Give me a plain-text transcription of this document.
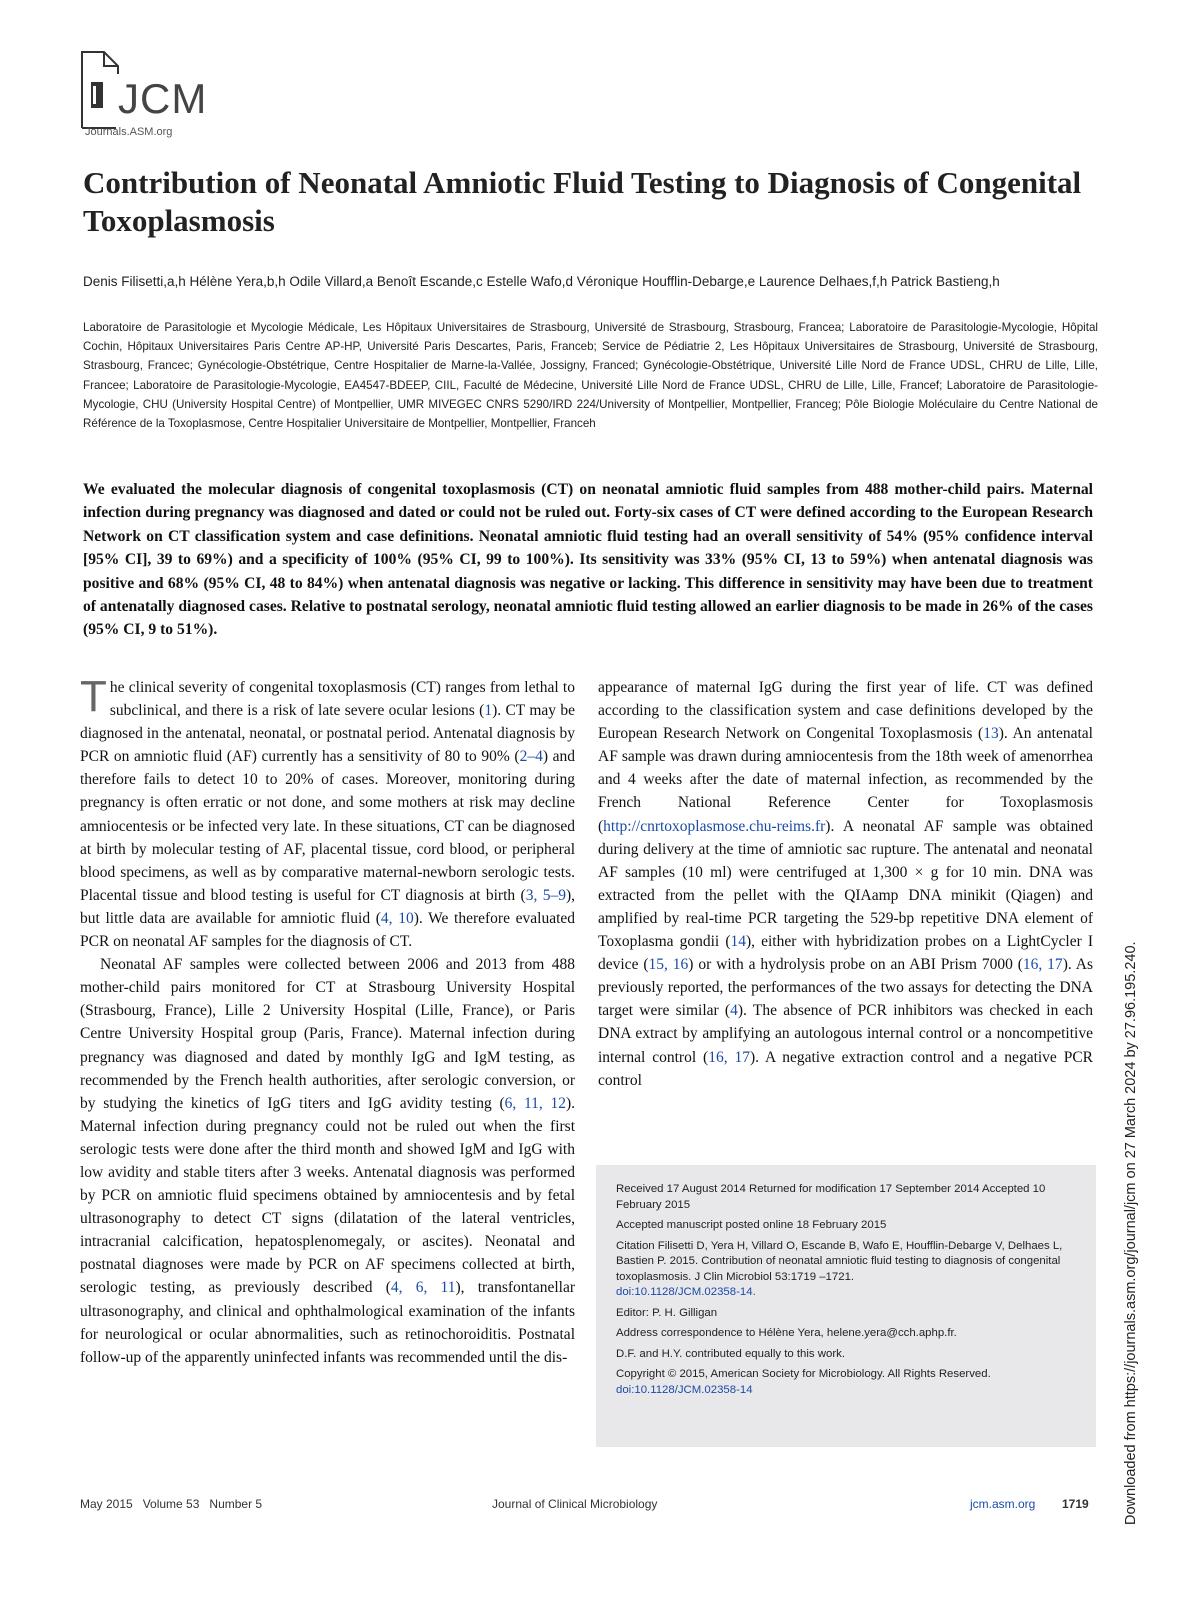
JCM
Journals.ASM.org
Contribution of Neonatal Amniotic Fluid Testing to Diagnosis of Congenital Toxoplasmosis
Denis Filisetti,a,h Hélène Yera,b,h Odile Villard,a Benoît Escande,c Estelle Wafo,d Véronique Houfflin-Debarge,e Laurence Delhaes,f,h Patrick Bastieng,h
Laboratoire de Parasitologie et Mycologie Médicale, Les Hôpitaux Universitaires de Strasbourg, Université de Strasbourg, Strasbourg, Francea; Laboratoire de Parasitologie-Mycologie, Hôpital Cochin, Hôpitaux Universitaires Paris Centre AP-HP, Université Paris Descartes, Paris, Franceb; Service de Pédiatrie 2, Les Hôpitaux Universitaires de Strasbourg, Université de Strasbourg, Strasbourg, Francec; Gynécologie-Obstétrique, Centre Hospitalier de Marne-la-Vallée, Jossigny, Franced; Gynécologie-Obstétrique, Université Lille Nord de France UDSL, CHRU de Lille, Lille, Francee; Laboratoire de Parasitologie-Mycologie, EA4547-BDEEP, CIIL, Faculté de Médecine, Université Lille Nord de France UDSL, CHRU de Lille, Lille, Francef; Laboratoire de Parasitologie-Mycologie, CHU (University Hospital Centre) of Montpellier, UMR MIVEGEC CNRS 5290/IRD 224/University of Montpellier, Montpellier, Franceg; Pôle Biologie Moléculaire du Centre National de Référence de la Toxoplasmose, Centre Hospitalier Universitaire de Montpellier, Montpellier, Franceh
We evaluated the molecular diagnosis of congenital toxoplasmosis (CT) on neonatal amniotic fluid samples from 488 mother-child pairs. Maternal infection during pregnancy was diagnosed and dated or could not be ruled out. Forty-six cases of CT were defined according to the European Research Network on CT classification system and case definitions. Neonatal amniotic fluid testing had an overall sensitivity of 54% (95% confidence interval [95% CI], 39 to 69%) and a specificity of 100% (95% CI, 99 to 100%). Its sensitivity was 33% (95% CI, 13 to 59%) when antenatal diagnosis was positive and 68% (95% CI, 48 to 84%) when antenatal diagnosis was negative or lacking. This difference in sensitivity may have been due to treatment of antenatally diagnosed cases. Relative to postnatal serology, neonatal amniotic fluid testing allowed an earlier diagnosis to be made in 26% of the cases (95% CI, 9 to 51%).

The clinical severity of congenital toxoplasmosis (CT) ranges from lethal to subclinical, and there is a risk of late severe ocular lesions (1). CT may be diagnosed in the antenatal, neonatal, or postnatal period. Antenatal diagnosis by PCR on amniotic fluid (AF) currently has a sensitivity of 80 to 90% (2–4) and therefore fails to detect 10 to 20% of cases. Moreover, monitoring during pregnancy is often erratic or not done, and some mothers at risk may decline amniocentesis or be infected very late. In these situations, CT can be diagnosed at birth by molecular testing of AF, placental tissue, cord blood, or peripheral blood specimens, as well as by comparative maternal-newborn serologic tests. Placental tissue and blood testing is useful for CT diagnosis at birth (3, 5–9), but little data are available for amniotic fluid (4, 10). We therefore evaluated PCR on neonatal AF samples for the diagnosis of CT.

Neonatal AF samples were collected between 2006 and 2013 from 488 mother-child pairs monitored for CT at Strasbourg University Hospital (Strasbourg, France), Lille 2 University Hospital (Lille, France), or Paris Centre University Hospital group (Paris, France). Maternal infection during pregnancy was diagnosed and dated by monthly IgG and IgM testing, as recommended by the French health authorities, after serologic conversion, or by studying the kinetics of IgG titers and IgG avidity testing (6, 11, 12). Maternal infection during pregnancy could not be ruled out when the first serologic tests were done after the third month and showed IgM and IgG with low avidity and stable titers after 3 weeks. Antenatal diagnosis was performed by PCR on amniotic fluid specimens obtained by amniocentesis and by fetal ultrasonography to detect CT signs (dilatation of the lateral ventricles, intracranial calcification, hepatosplenomegaly, or ascites). Neonatal and postnatal diagnoses were made by PCR on AF specimens collected at birth, serologic testing, as previously described (4, 6, 11), transfontanellar ultrasonography, and clinical and ophthalmological examination of the infants for neurological or ocular abnormalities, such as retinochoroiditis. Postnatal follow-up of the apparently uninfected infants was recommended until the dis-

appearance of maternal IgG during the first year of life. CT was defined according to the classification system and case definitions developed by the European Research Network on Congenital Toxoplasmosis (13). An antenatal AF sample was drawn during amniocentesis from the 18th week of amenorrhea and 4 weeks after the date of maternal infection, as recommended by the French National Reference Center for Toxoplasmosis (http://cnrtoxoplasmose.chu-reims.fr). A neonatal AF sample was obtained during delivery at the time of amniotic sac rupture. The antenatal and neonatal AF samples (10 ml) were centrifuged at 1,300 × g for 10 min. DNA was extracted from the pellet with the QIAamp DNA minikit (Qiagen) and amplified by real-time PCR targeting the 529-bp repetitive DNA element of Toxoplasma gondii (14), either with hybridization probes on a LightCycler I device (15, 16) or with a hydrolysis probe on an ABI Prism 7000 (16, 17). As previously reported, the performances of the two assays for detecting the DNA target were similar (4). The absence of PCR inhibitors was checked in each DNA extract by amplifying an autologous internal control or a noncompetitive internal control (16, 17). A negative extraction control and a negative PCR control

Received 17 August 2014 Returned for modification 17 September 2014 Accepted 10 February 2015

Accepted manuscript posted online 18 February 2015

Citation Filisetti D, Yera H, Villard O, Escande B, Wafo E, Houfflin-Debarge V, Delhaes L, Bastien P. 2015. Contribution of neonatal amniotic fluid testing to diagnosis of congenital toxoplasmosis. J Clin Microbiol 53:1719 –1721.
doi:10.1128/JCM.02358-14.

Editor: P. H. Gilligan

Address correspondence to Hélène Yera, helene.yera@cch.aphp.fr.

D.F. and H.Y. contributed equally to this work.

Copyright © 2015, American Society for Microbiology. All Rights Reserved.
doi:10.1128/JCM.02358-14

May 2015   Volume 53   Number 5	Journal of Clinical Microbiology	jcm.asm.org 1719 Downloaded from https://journals.asm.org/journal/jcm on 27 March 2024 by 27.96.195.240.
